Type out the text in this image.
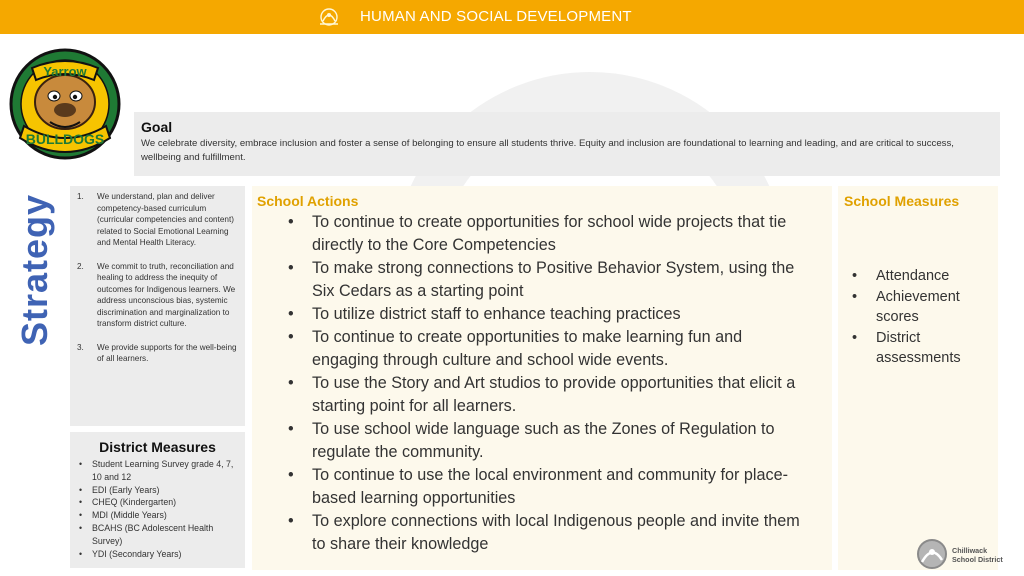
HUMAN AND SOCIAL DEVELOPMENT
Yarrow
BULLDOGS
Goal
We celebrate diversity, embrace inclusion and foster a sense of belonging to ensure all students thrive. Equity and inclusion are foundational to learning and leading, and are critical to success, wellbeing and fulfillment.
Strategy	1. We understand, plan and deliver competency-based curriculum (curricular competencies and content) related to Social Emotional Learning and Mental Health Literacy.
2. We commit to truth, reconciliation and healing to address the inequity of outcomes for Indigenous learners. We address unconscious bias, systemic discrimination and marginalization to transform district culture.
3. We provide supports for the well-being of all learners.
District Measures
• Student Learning Survey grade 4, 7, 10 and 12
• EDI (Early Years)
• CHEQ (Kindergarten)
• MDI (Middle Years)
• BCAHS (BC Adolescent Health Survey)
• YDI (Secondary Years)
School Actions
• To continue to create opportunities for school wide projects that tie directly to the Core Competencies
• To make strong connections to Positive Behavior System, using the Six Cedars as a starting point
• To utilize district staff to enhance teaching practices
• To continue to create opportunities to make learning fun and engaging through culture and school wide events.
• To use the Story and Art studios to provide opportunities that elicit a starting point for all learners.
• To use school wide language such as the Zones of Regulation to regulate the community.
• To continue to use the local environment and community for place-based learning opportunities
• To explore connections with local Indigenous people and invite them to share their knowledge
School Measures
• Attendance
• Achievement scores
• District assessments
Chilliwack
School District
